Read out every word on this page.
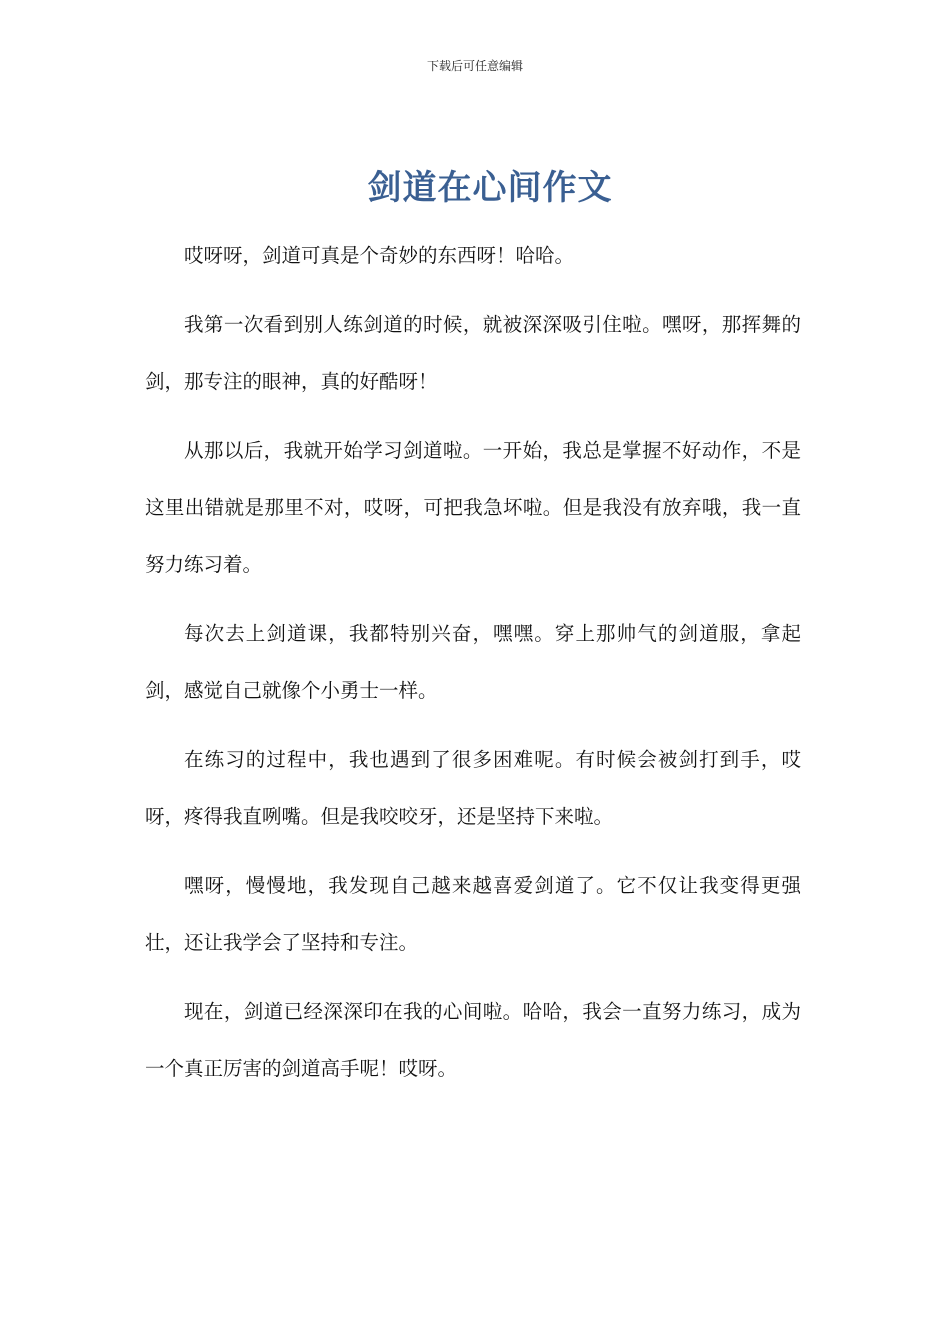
下载后可任意编辑
剑道在心间作文

哎呀呀，剑道可真是个奇妙的东西呀！哈哈。

我第一次看到别人练剑道的时候，就被深深吸引住啦。嘿呀，那挥舞的剑，那专注的眼神，真的好酷呀！

从那以后，我就开始学习剑道啦。一开始，我总是掌握不好动作，不是这里出错就是那里不对，哎呀，可把我急坏啦。但是我没有放弃哦，我一直努力练习着。

每次去上剑道课，我都特别兴奋，嘿嘿。穿上那帅气的剑道服，拿起剑，感觉自己就像个小勇士一样。

在练习的过程中，我也遇到了很多困难呢。有时候会被剑打到手，哎呀，疼得我直咧嘴。但是我咬咬牙，还是坚持下来啦。

嘿呀，慢慢地，我发现自己越来越喜爱剑道了。它不仅让我变得更强壮，还让我学会了坚持和专注。

现在，剑道已经深深印在我的心间啦。哈哈，我会一直努力练习，成为一个真正厉害的剑道高手呢！哎呀。
